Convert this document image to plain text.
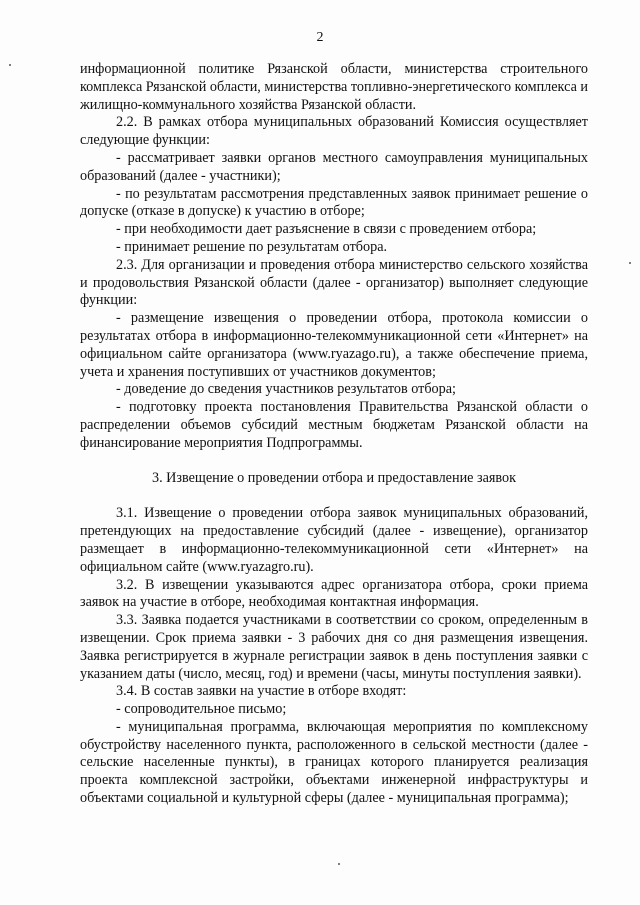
2

информационной политике Рязанской области, министерства строительного комплекса Рязанской области, министерства топливно-энергетического комплекса и жилищно-коммунального хозяйства Рязанской области.

2.2. В рамках отбора муниципальных образований Комиссия осуществляет следующие функции:

- рассматривает заявки органов местного самоуправления муниципальных образований (далее - участники);

- по результатам рассмотрения представленных заявок принимает решение о допуске (отказе в допуске) к участию в отборе;

- при необходимости дает разъяснение в связи с проведением отбора;

- принимает решение по результатам отбора.

2.3. Для организации и проведения отбора министерство сельского хозяйства и продовольствия Рязанской области (далее - организатор) выполняет следующие функции:

- размещение извещения о проведении отбора, протокола комиссии о результатах отбора в информационно-телекоммуникационной сети «Интернет» на официальном сайте организатора (www.ryazago.ru), а также обеспечение приема, учета и хранения поступивших от участников документов;

- доведение до сведения участников результатов отбора;

- подготовку проекта постановления Правительства Рязанской области о распределении объемов субсидий местным бюджетам Рязанской области на финансирование мероприятия Подпрограммы.

3. Извещение о проведении отбора и предоставление заявок

3.1. Извещение о проведении отбора заявок муниципальных образований, претендующих на предоставление субсидий (далее - извещение), организатор размещает в информационно-телекоммуникационной сети «Интернет» на официальном сайте (www.ryazagro.ru).

3.2. В извещении указываются адрес организатора отбора, сроки приема заявок на участие в отборе, необходимая контактная информация.

3.3. Заявка подается участниками в соответствии со сроком, определенным в извещении. Срок приема заявки - 3 рабочих дня со дня размещения извещения. Заявка регистрируется в журнале регистрации заявок в день поступления заявки с указанием даты (число, месяц, год) и времени (часы, минуты поступления заявки).

3.4. В состав заявки на участие в отборе входят:

- сопроводительное письмо;

- муниципальная программа, включающая мероприятия по комплексному обустройству населенного пункта, расположенного в сельской местности (далее - сельские населенные пункты), в границах которого планируется реализация проекта комплексной застройки, объектами инженерной инфраструктуры и объектами социальной и культурной сферы (далее - муниципальная программа);
